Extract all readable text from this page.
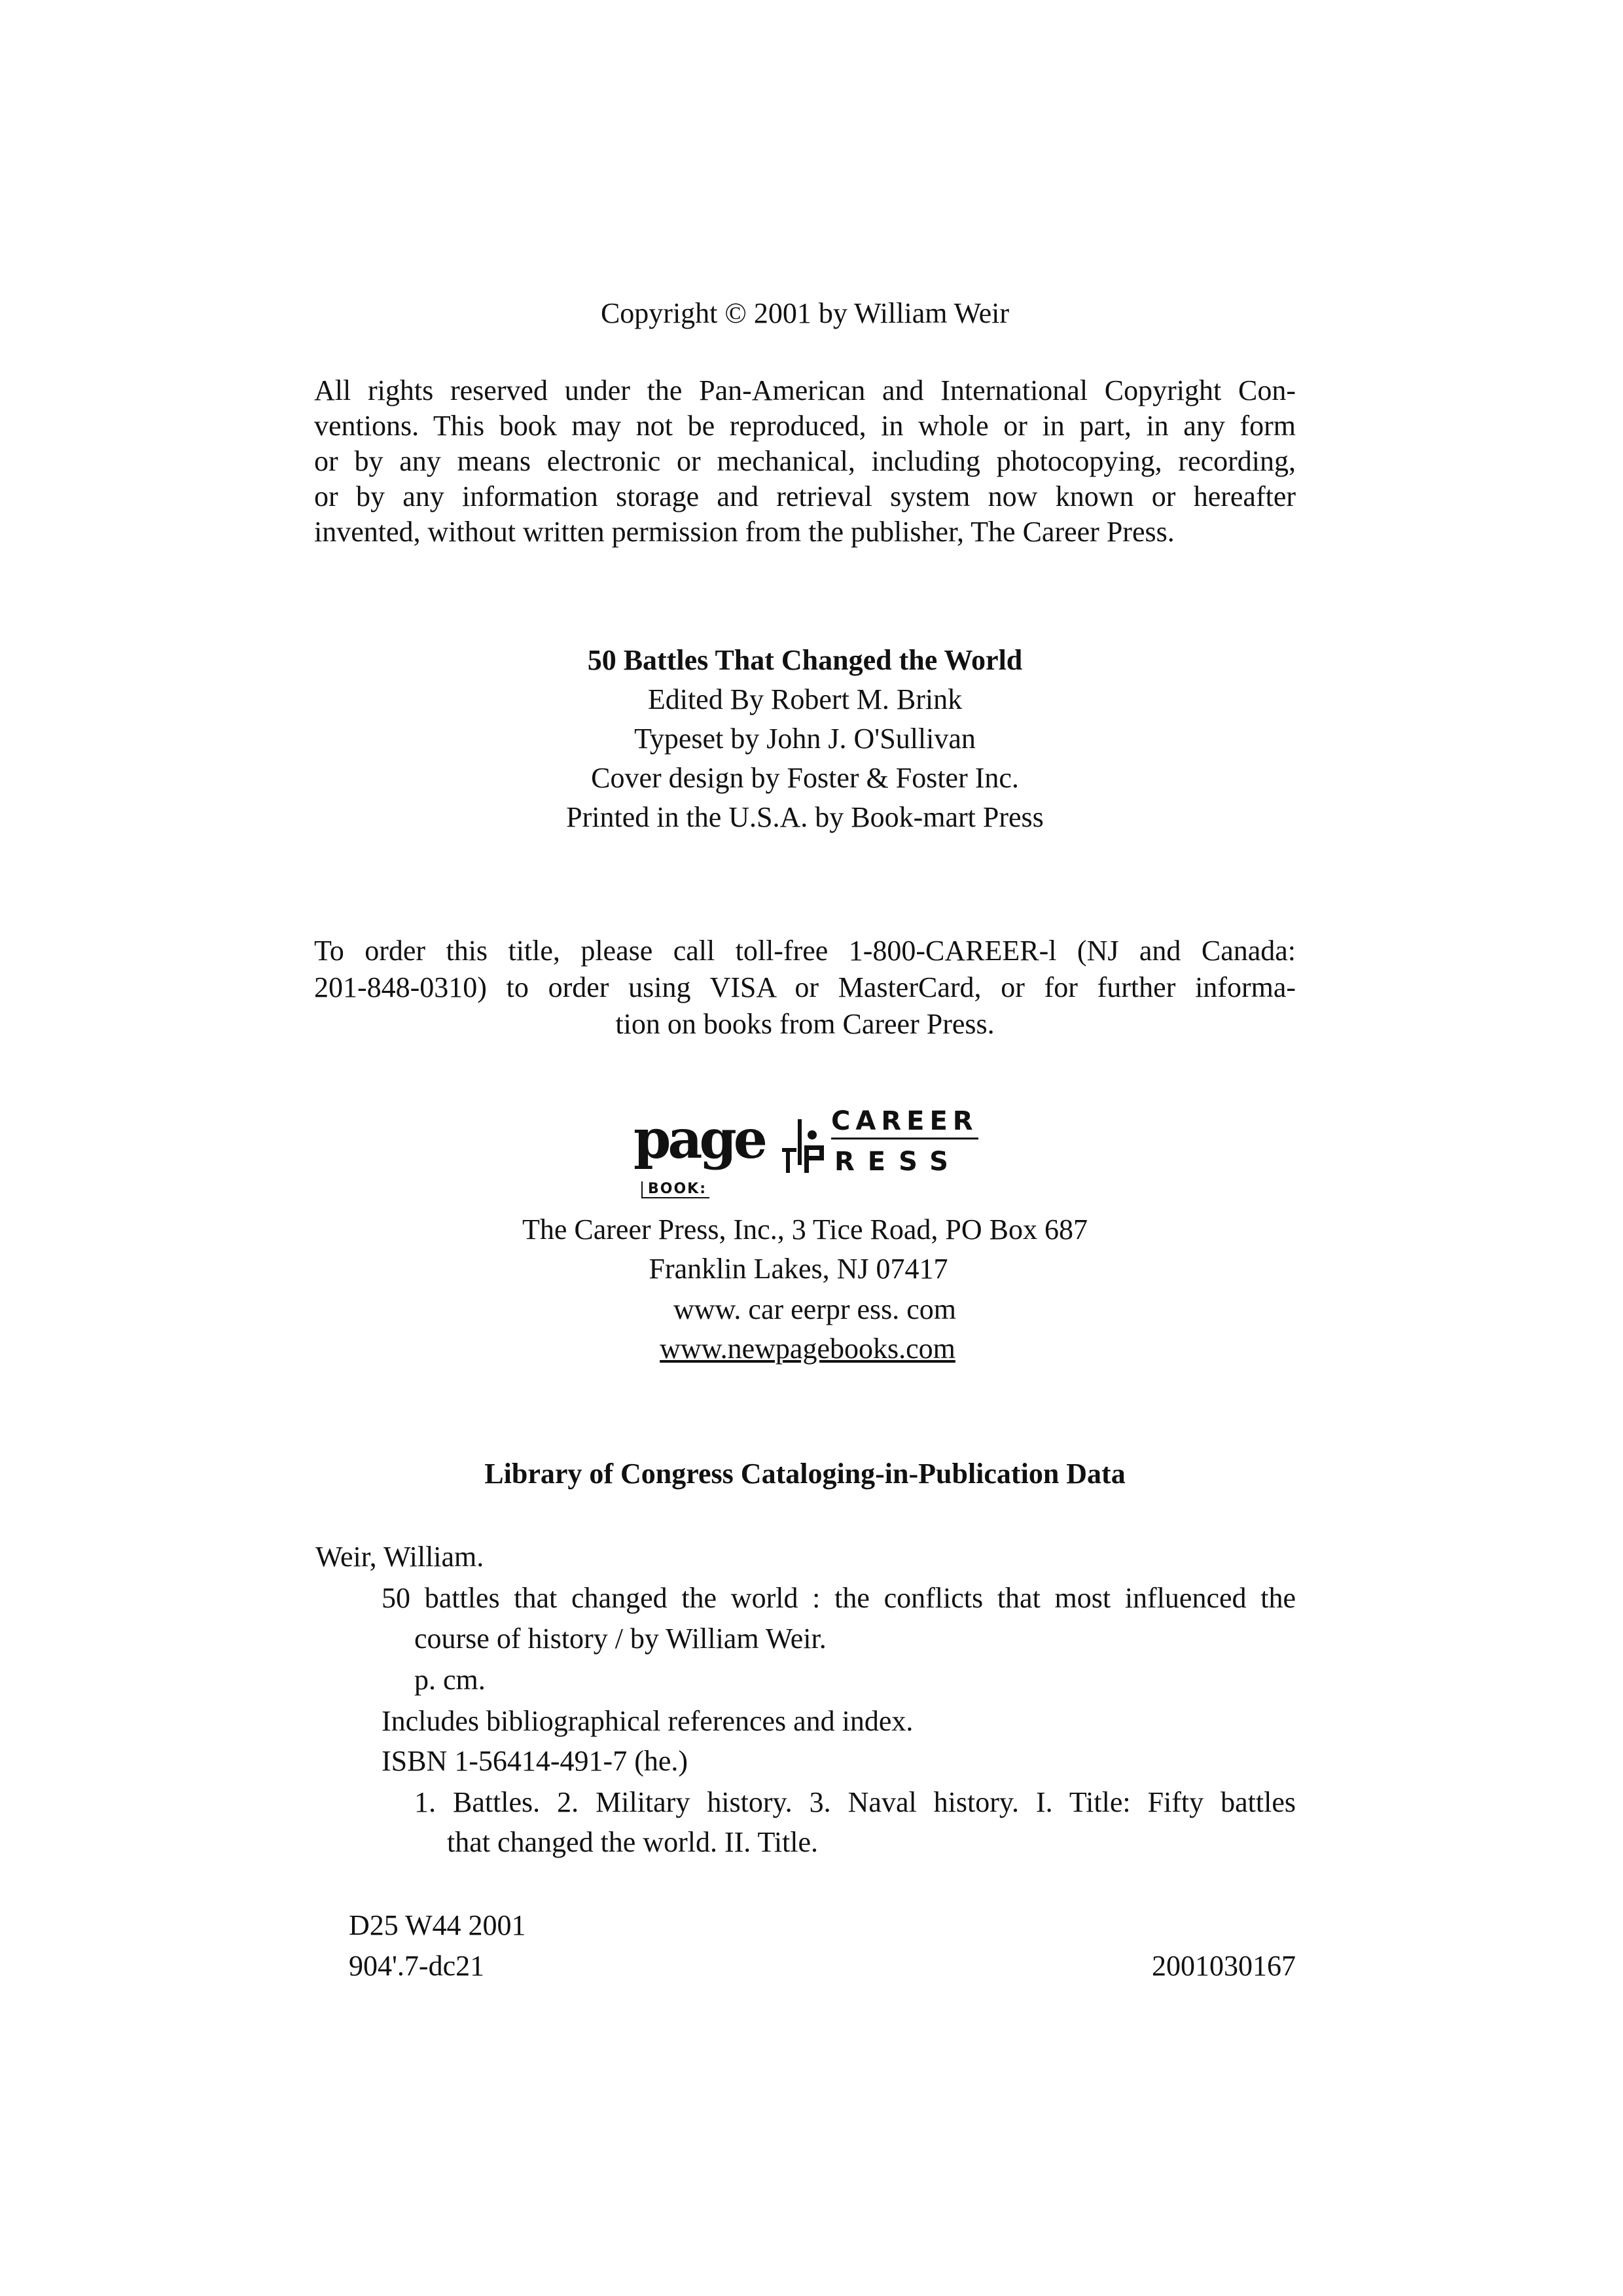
Copyright © 2001 by William Weir
All rights reserved under the Pan-American and International Copyright Con-
ventions. This book may not be reproduced, in whole or in part, in any form
or by any means electronic or mechanical, including photocopying, recording,
or by any information storage and retrieval system now known or hereafter
invented, without written permission from the publisher, The Career Press.
50 Battles That Changed the World
Edited By Robert M. Brink
Typeset by John J. O'Sullivan
Cover design by Foster & Foster Inc.
Printed in the U.S.A. by Book-mart Press
To order this title, please call toll-free 1-800-CAREER-l (NJ and Canada:
201-848-0310) to order using VISA or MasterCard, or for further informa-
tion on books from Career Press.
page
BOOK:
CAREER
RESS
The Career Press, Inc., 3 Tice Road, PO Box 687
Franklin Lakes, NJ 07417
www. car eerpr ess. com
www.newpagebooks.com
Library of Congress Cataloging-in-Publication Data
Weir, William.
50 battles that changed the world : the conflicts that most influenced the
course of history / by William Weir.
p. cm.
Includes bibliographical references and index.
ISBN 1-56414-491-7 (he.)
1. Battles. 2. Military history. 3. Naval history. I. Title: Fifty battles
that changed the world. II. Title.
D25 W44 2001
904'.7-dc21	2001030167
